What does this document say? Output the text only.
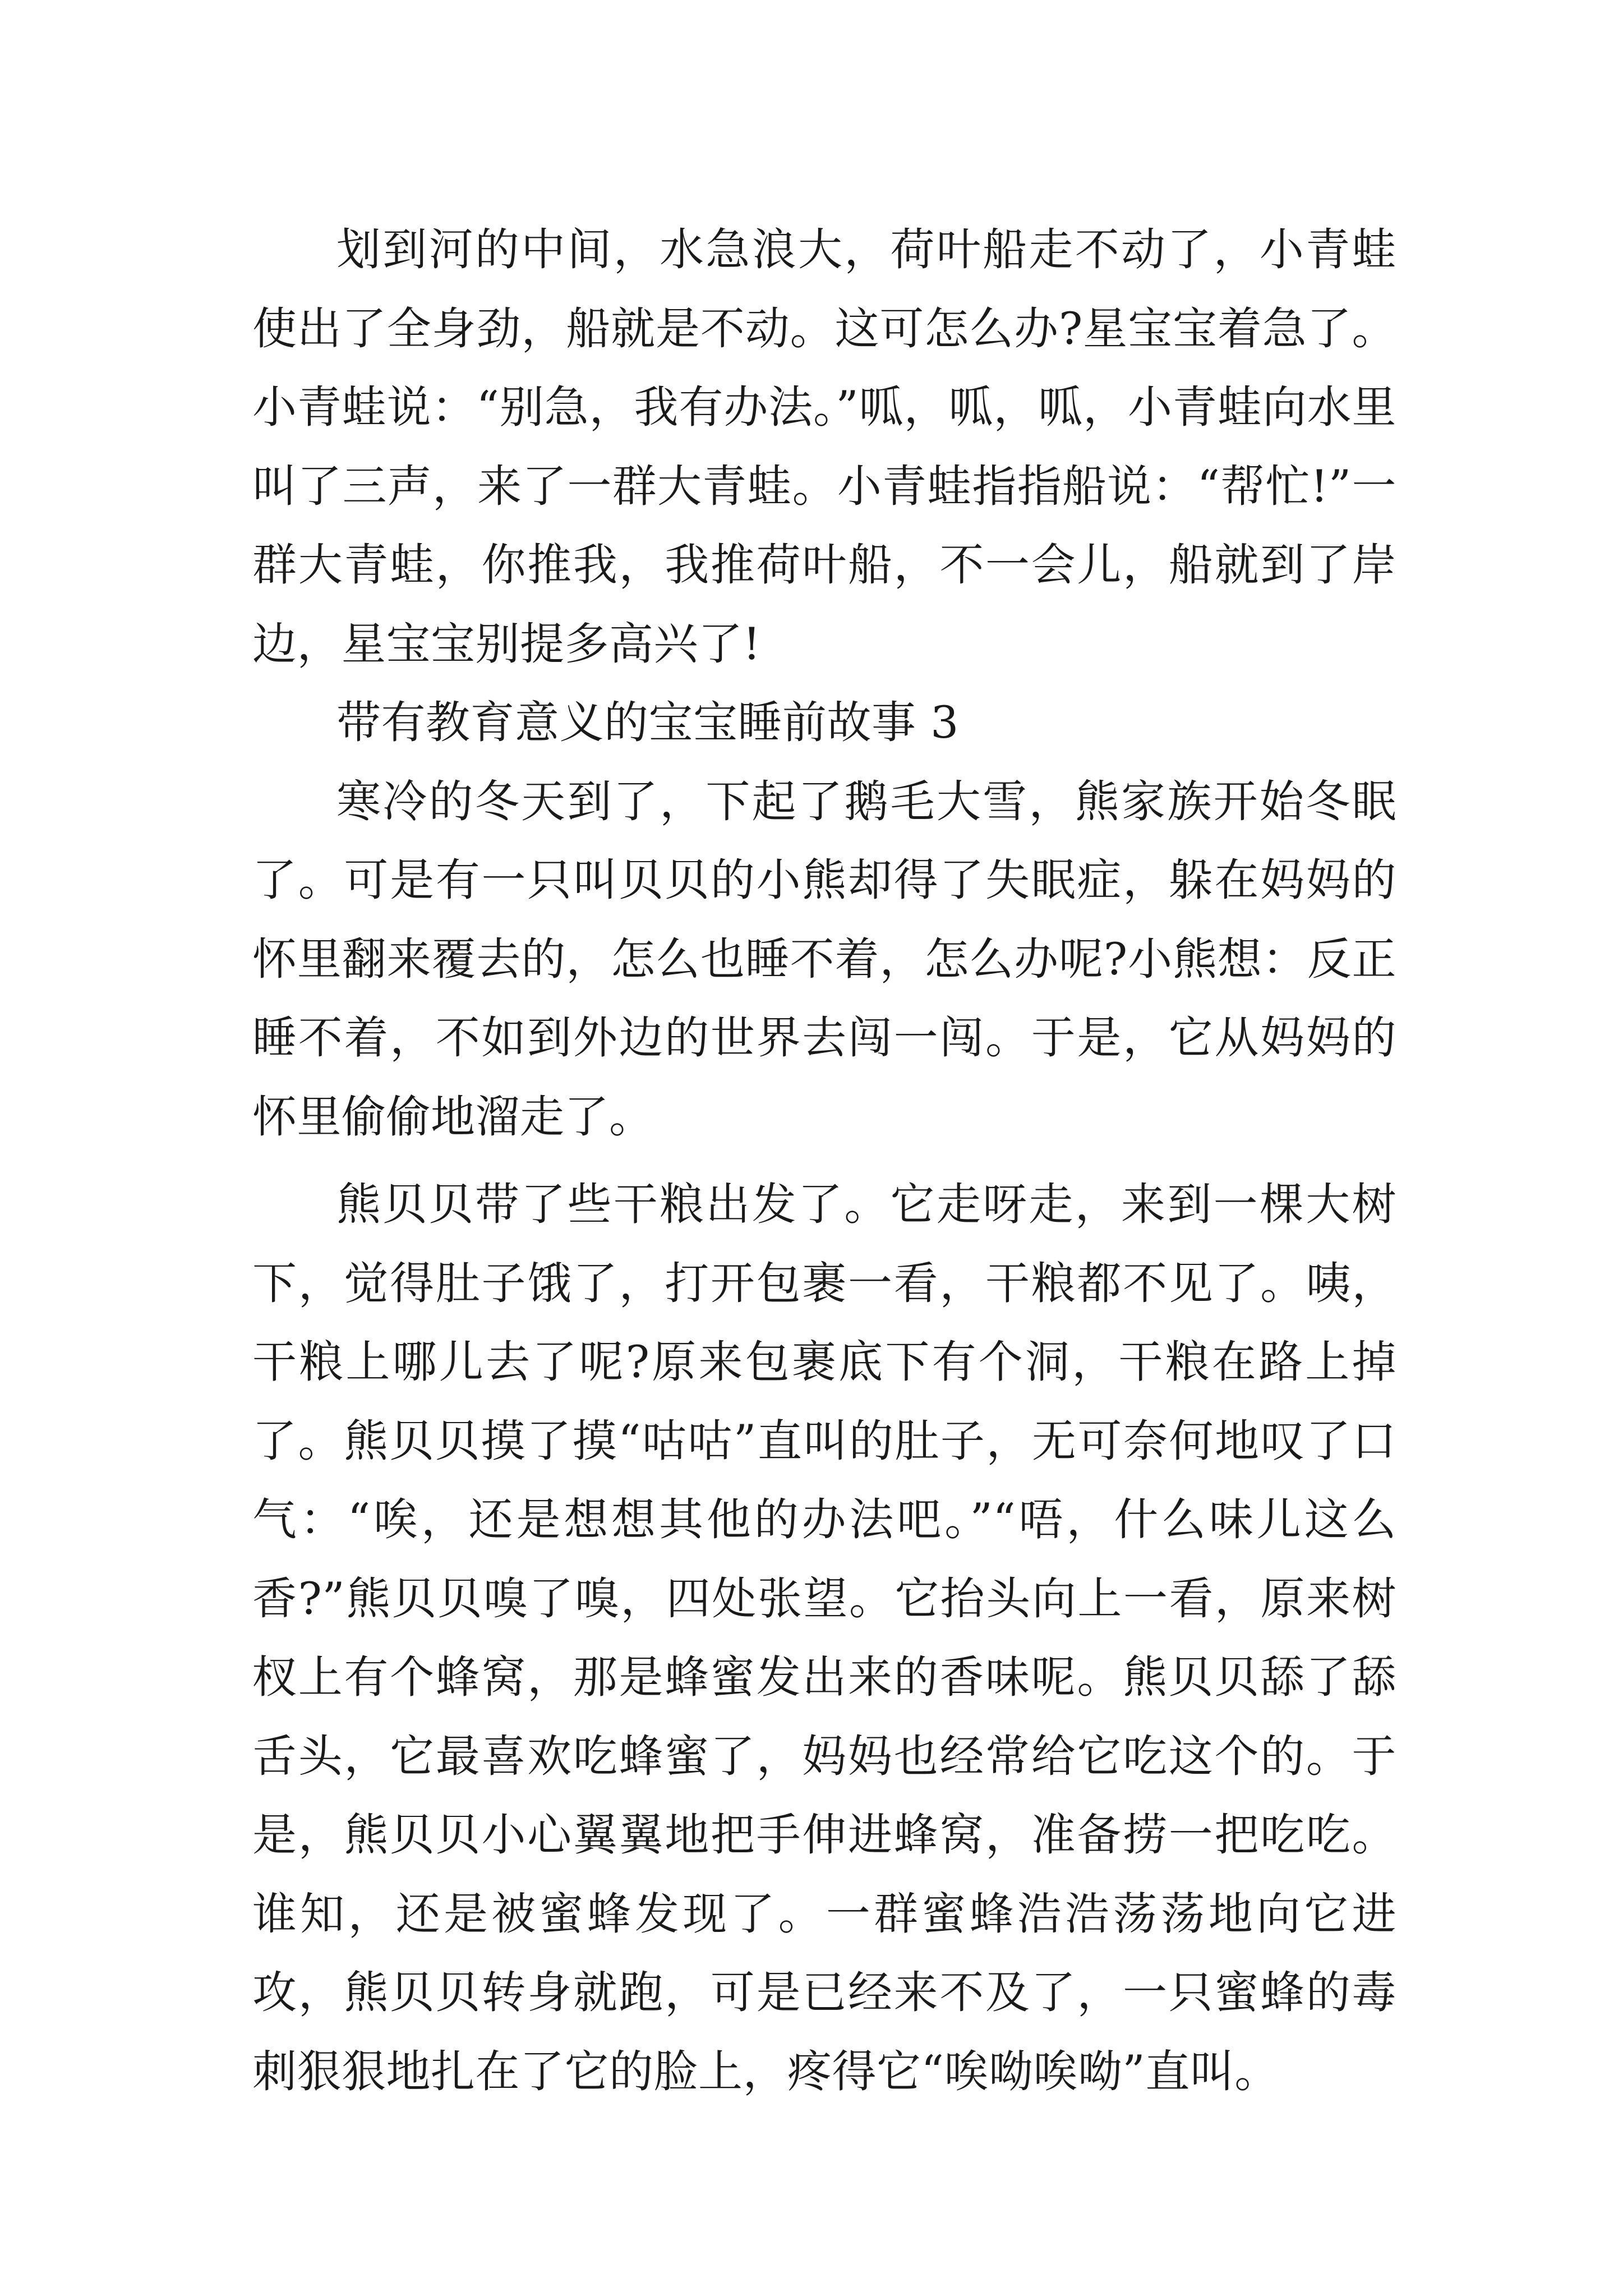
划到河的中间，水急浪大，荷叶船走不动了，小青蛙使出了全身劲，船就是不动。这可怎么办?星宝宝着急了。小青蛙说：“别急，我有办法。”呱，呱，呱，小青蛙向水里叫了三声，来了一群大青蛙。小青蛙指指船说：“帮忙!”一群大青蛙，你推我，我推荷叶船，不一会儿，船就到了岸边，星宝宝别提多高兴了!

带有教育意义的宝宝睡前故事 3

寒冷的冬天到了，下起了鹅毛大雪，熊家族开始冬眠了。可是有一只叫贝贝的小熊却得了失眠症，躲在妈妈的怀里翻来覆去的，怎么也睡不着，怎么办呢?小熊想：反正睡不着，不如到外边的世界去闯一闯。于是，它从妈妈的怀里偷偷地溜走了。

熊贝贝带了些干粮出发了。它走呀走，来到一棵大树下，觉得肚子饿了，打开包裹一看，干粮都不见了。咦，干粮上哪儿去了呢?原来包裹底下有个洞，干粮在路上掉了。熊贝贝摸了摸“咕咕”直叫的肚子，无可奈何地叹了口气：“唉，还是想想其他的办法吧。”“唔，什么味儿这么香?”熊贝贝嗅了嗅，四处张望。它抬头向上一看，原来树杈上有个蜂窝，那是蜂蜜发出来的香味呢。熊贝贝舔了舔舌头，它最喜欢吃蜂蜜了，妈妈也经常给它吃这个的。于是，熊贝贝小心翼翼地把手伸进蜂窝，准备捞一把吃吃。谁知，还是被蜜蜂发现了。一群蜜蜂浩浩荡荡地向它进攻，熊贝贝转身就跑，可是已经来不及了，一只蜜蜂的毒 刺狠狠地扎在了它的脸上，疼得它“唉呦唉呦”直叫。
